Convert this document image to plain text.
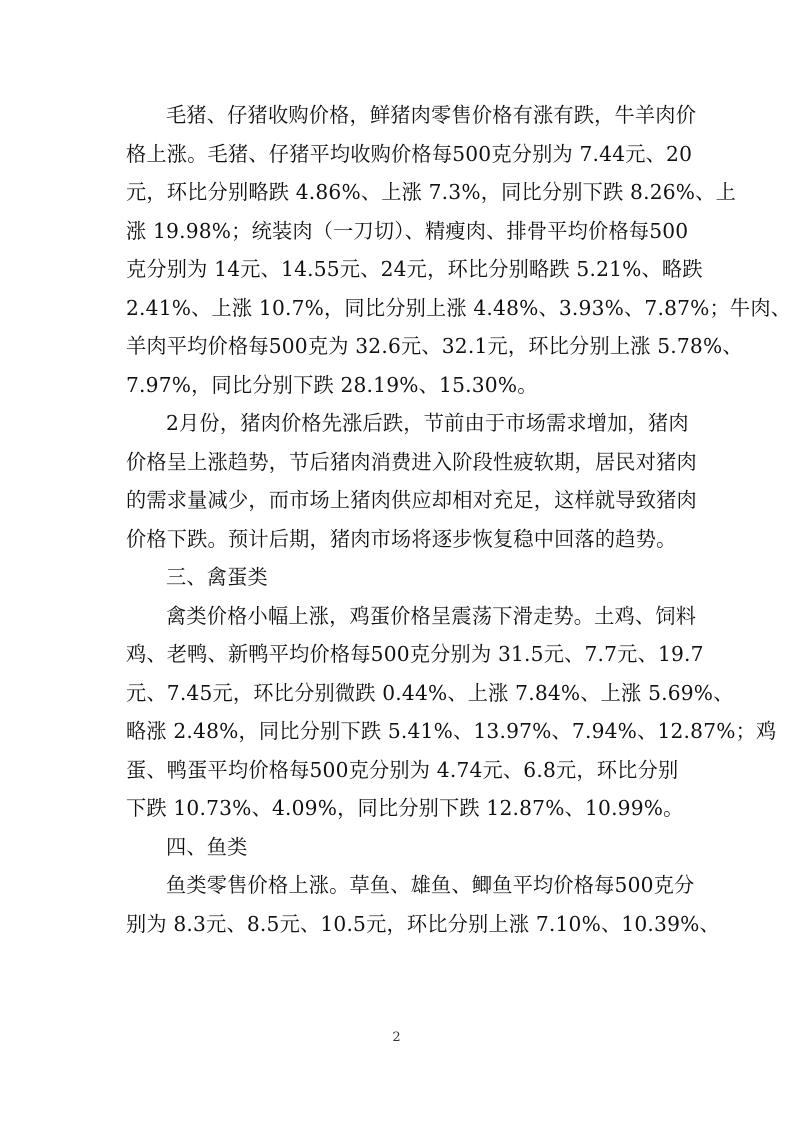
毛猪、仔猪收购价格，鲜猪肉零售价格有涨有跌，牛羊肉价
格上涨。毛猪、仔猪平均收购价格每500克分别为 7.44元、20
元，环比分别略跌 4.86%、上涨 7.3%，同比分别下跌 8.26%、上
涨 19.98%；统装肉（一刀切）、精瘦肉、排骨平均价格每500
克分别为 14元、14.55元、24元，环比分别略跌 5.21%、略跌
2.41%、上涨 10.7%，同比分别上涨 4.48%、3.93%、7.87%；牛肉、
羊肉平均价格每500克为 32.6元、32.1元，环比分别上涨 5.78%、
7.97%，同比分别下跌 28.19%、15.30%。
2月份，猪肉价格先涨后跌，节前由于市场需求增加，猪肉
价格呈上涨趋势，节后猪肉消费进入阶段性疲软期，居民对猪肉
的需求量减少，而市场上猪肉供应却相对充足，这样就导致猪肉
价格下跌。预计后期，猪肉市场将逐步恢复稳中回落的趋势。
三、禽蛋类
禽类价格小幅上涨，鸡蛋价格呈震荡下滑走势。土鸡、饲料
鸡、老鸭、新鸭平均价格每500克分别为 31.5元、7.7元、19.7
元、7.45元，环比分别微跌 0.44%、上涨 7.84%、上涨 5.69%、
略涨 2.48%，同比分别下跌 5.41%、13.97%、7.94%、12.87%；鸡
蛋、鸭蛋平均价格每500克分别为 4.74元、6.8元，环比分别
下跌 10.73%、4.09%，同比分别下跌 12.87%、10.99%。
四、鱼类
鱼类零售价格上涨。草鱼、雄鱼、鲫鱼平均价格每500克分
别为 8.3元、8.5元、10.5元，环比分别上涨 7.10%、10.39%、
2
